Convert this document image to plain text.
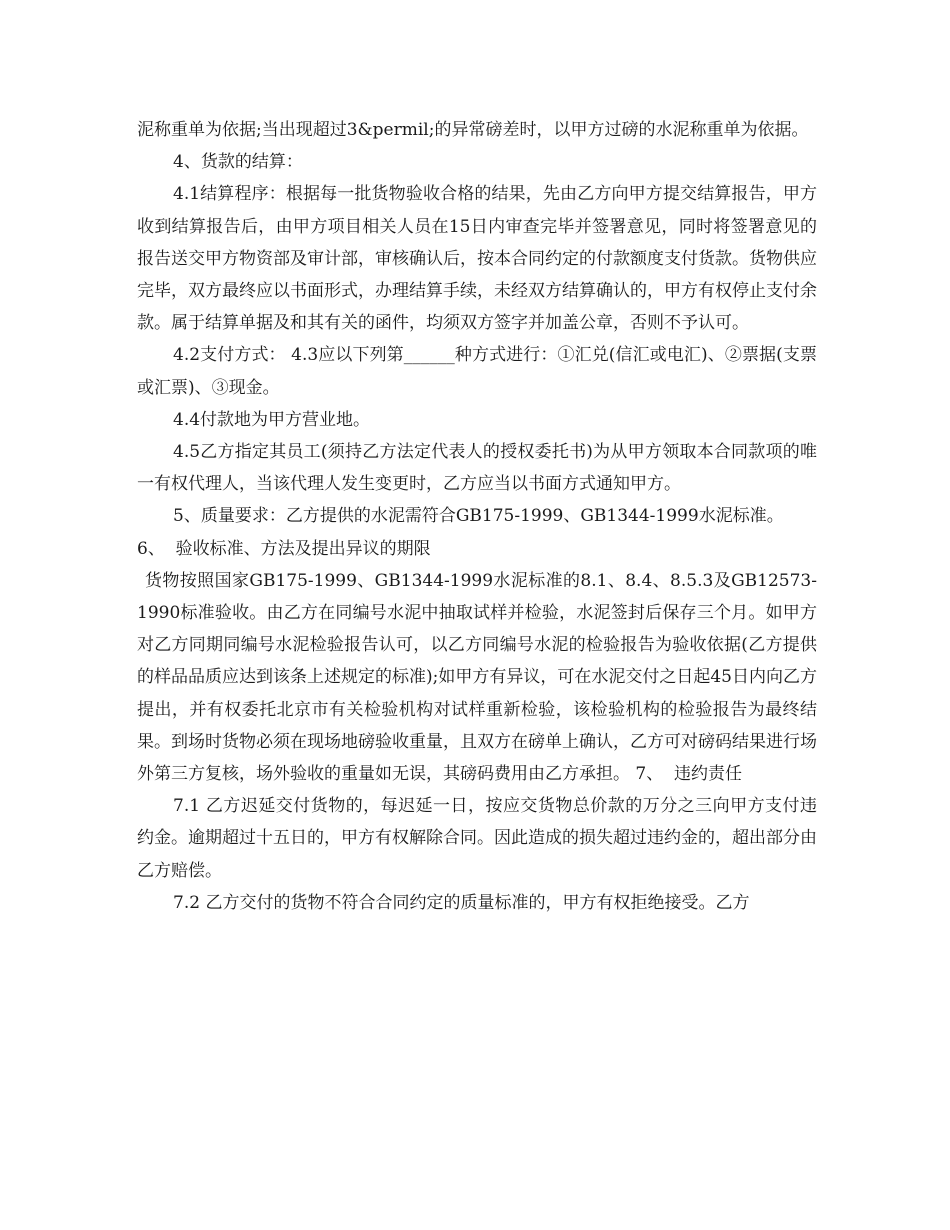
泥称重单为依据;当出现超过3&permil;的异常磅差时，以甲方过磅的水泥称重单为依据。

4、货款的结算：

4.1结算程序：根据每一批货物验收合格的结果，先由乙方向甲方提交结算报告，甲方收到结算报告后，由甲方项目相关人员在15日内审查完毕并签署意见，同时将签署意见的报告送交甲方物资部及审计部，审核确认后，按本合同约定的付款额度支付货款。货物供应完毕，双方最终应以书面形式，办理结算手续，未经双方结算确认的，甲方有权停止支付余款。属于结算单据及和其有关的函件，均须双方签字并加盖公章，否则不予认可。

4.2支付方式： 4.3应以下列第______种方式进行：①汇兑(信汇或电汇)、②票据(支票或汇票)、③现金。

4.4付款地为甲方营业地。

4.5乙方指定其员工(须持乙方法定代表人的授权委托书)为从甲方领取本合同款项的唯一有权代理人，当该代理人发生变更时，乙方应当以书面方式通知甲方。

5、质量要求：乙方提供的水泥需符合GB175-1999、GB1344-1999水泥标准。

6、  验收标准、方法及提出异议的期限

货物按照国家GB175-1999、GB1344-1999水泥标准的8.1、8.4、8.5.3及GB12573-1990标准验收。由乙方在同编号水泥中抽取试样并检验，水泥签封后保存三个月。如甲方对乙方同期同编号水泥检验报告认可，以乙方同编号水泥的检验报告为验收依据(乙方提供的样品品质应达到该条上述规定的标准);如甲方有异议，可在水泥交付之日起45日内向乙方提出，并有权委托北京市有关检验机构对试样重新检验，该检验机构的检验报告为最终结果。到场时货物必须在现场地磅验收重量，且双方在磅单上确认，乙方可对磅码结果进行场外第三方复核，场外验收的重量如无误，其磅码费用由乙方承担。 7、  违约责任

7.1 乙方迟延交付货物的，每迟延一日，按应交货物总价款的万分之三向甲方支付违约金。逾期超过十五日的，甲方有权解除合同。因此造成的损失超过违约金的，超出部分由乙方赔偿。

7.2 乙方交付的货物不符合合同约定的质量标准的，甲方有权拒绝接受。乙方
